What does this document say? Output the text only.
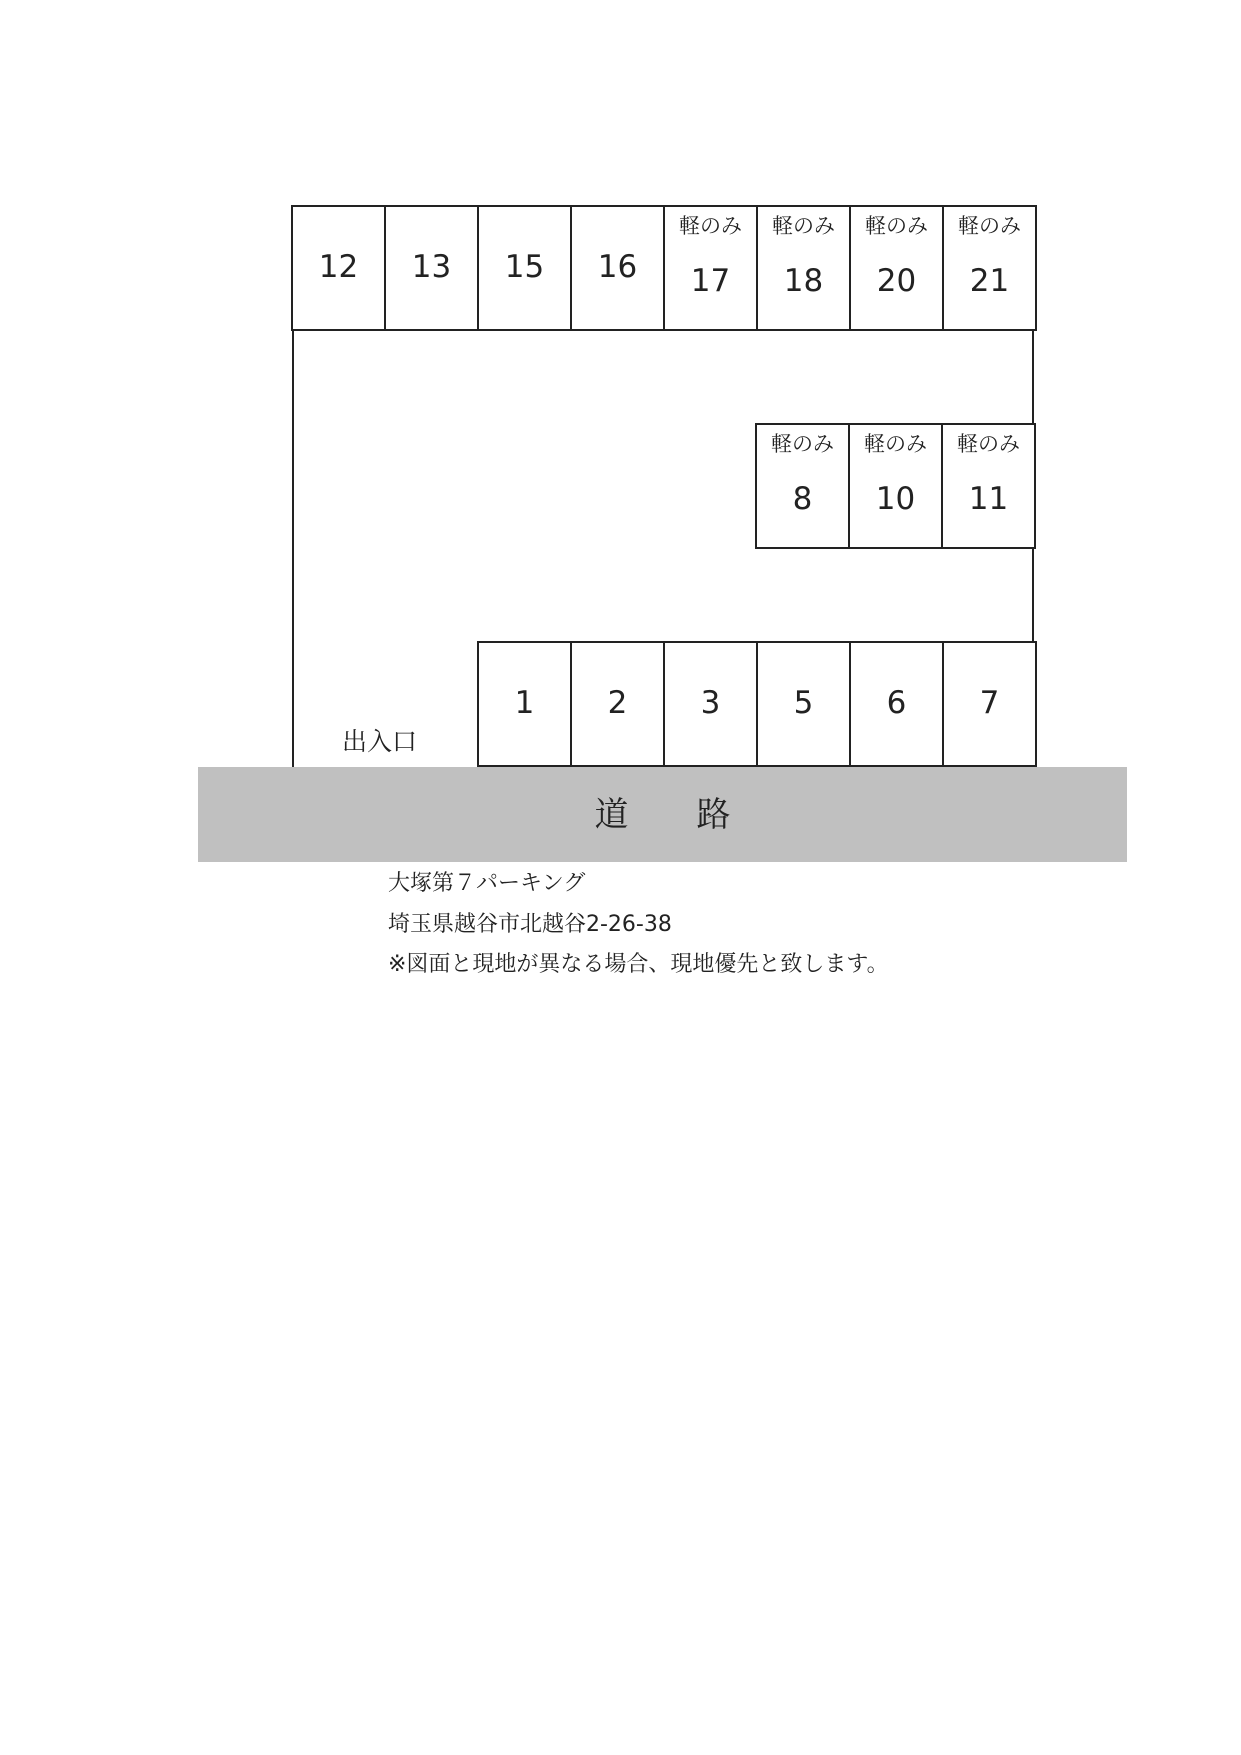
12	13	15	16
軽のみ
17
軽のみ
18
軽のみ
20
軽のみ
21
軽のみ
8
軽のみ
10
軽のみ
11
1	2	3	5	6	7
出入口
道　　路
大塚第７パーキング
埼玉県越谷市北越谷2-26-38
※図面と現地が異なる場合、現地優先と致します。
